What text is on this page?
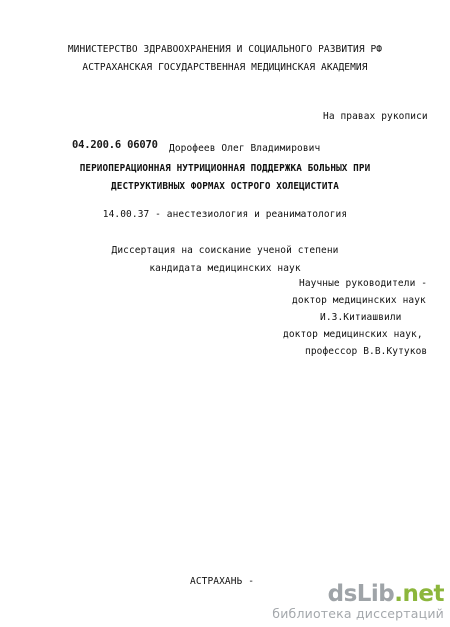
МИНИСТЕРСТВО ЗДРАВООХРАНЕНИЯ И СОЦИАЛЬНОГО РАЗВИТИЯ РФ
АСТРАХАНСКАЯ ГОСУДАРСТВЕННАЯ МЕДИЦИНСКАЯ АКАДЕМИЯ
На правах рукописи
04.200.6 06070 Дорофеев Олег Владимирович
ПЕРИОПЕРАЦИОННАЯ НУТРИЦИОННАЯ ПОДДЕРЖКА БОЛЬНЫХ ПРИ
ДЕСТРУКТИВНЫХ ФОРМАХ ОСТРОГО ХОЛЕЦИСТИТА
14.00.37 - анестезиология и реаниматология
Диссертация на соискание ученой степени
кандидата медицинских наук
Научные руководители -
доктор медицинских наук
И.З.Китиашвили
доктор медицинских наук,
профессор В.В.Кутуков
АСТРАХАНЬ -	dsLib.net
библиотека диссертаций
